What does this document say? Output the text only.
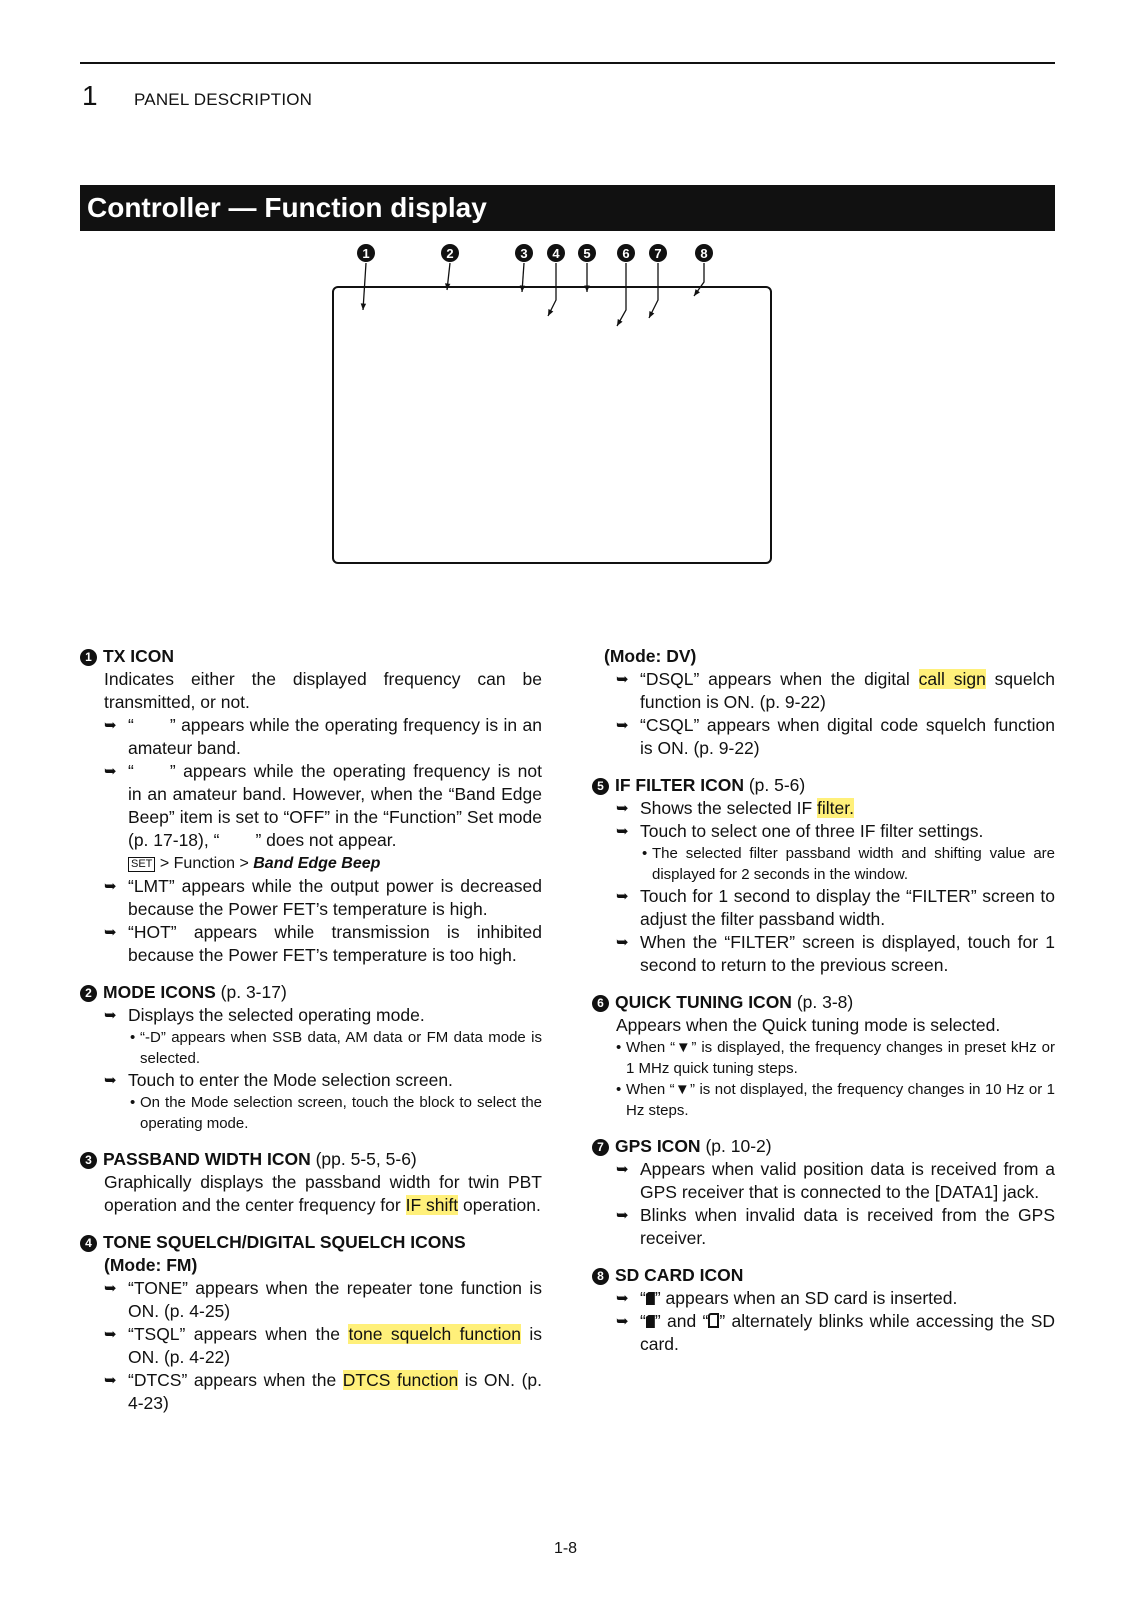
1 PANEL DESCRIPTION
Controller — Function display
1	2	3 4 5 6 7	8
1 TX ICON
Indicates either the displayed frequency can be transmitted, or not.
➥ “ ” appears while the operating frequency is in an amateur band.
➥ “ ” appears while the operating frequency is not in an amateur band. However, when the “Band Edge Beep” item is set to “OFF” in the “Function” Set mode (p. 17-18), “ ” does not appear.
SET > Function > Band Edge Beep
➥ “LMT” appears while the output power is decreased because the Power FET’s temperature is high.
➥ “HOT” appears while transmission is inhibited because the Power FET’s temperature is too high.
2 MODE ICONS (p. 3-17)
➥ Displays the selected operating mode.
• “-D” appears when SSB data, AM data or FM data mode is selected.
➥ Touch to enter the Mode selection screen.
• On the Mode selection screen, touch the block to select the operating mode.
3 PASSBAND WIDTH ICON (pp. 5-5, 5-6)
Graphically displays the passband width for twin PBT operation and the center frequency for IF shift operation.
4 TONE SQUELCH/DIGITAL SQUELCH ICONS
(Mode: FM)
➥ “TONE” appears when the repeater tone function is ON. (p. 4-25)
➥ “TSQL” appears when the tone squelch function is ON. (p. 4-22)
➥ “DTCS” appears when the DTCS function is ON. (p. 4-23)
(Mode: DV)
➥ “DSQL” appears when the digital call sign squelch function is ON. (p. 9-22)
➥ “CSQL” appears when digital code squelch function is ON. (p. 9-22)
5 IF FILTER ICON (p. 5-6)
➥ Shows the selected IF filter.
➥ Touch to select one of three IF filter settings.
• The selected filter passband width and shifting value are displayed for 2 seconds in the window.
➥ Touch for 1 second to display the “FILTER” screen to adjust the filter passband width.
➥ When the “FILTER” screen is displayed, touch for 1 second to return to the previous screen.
6 QUICK TUNING ICON (p. 3-8)
Appears when the Quick tuning mode is selected.
• When “▼” is displayed, the frequency changes in preset kHz or 1 MHz quick tuning steps.
• When “▼” is not displayed, the frequency changes in 10 Hz or 1 Hz steps.
7 GPS ICON (p. 10-2)
➥ Appears when valid position data is received from a GPS receiver that is connected to the [DATA1] jack.
➥ Blinks when invalid data is received from the GPS receiver.
8 SD CARD ICON
➥ “ ” appears when an SD card is inserted.
➥ “ ” and “ ” alternately blinks while accessing the SD card.
1-8
